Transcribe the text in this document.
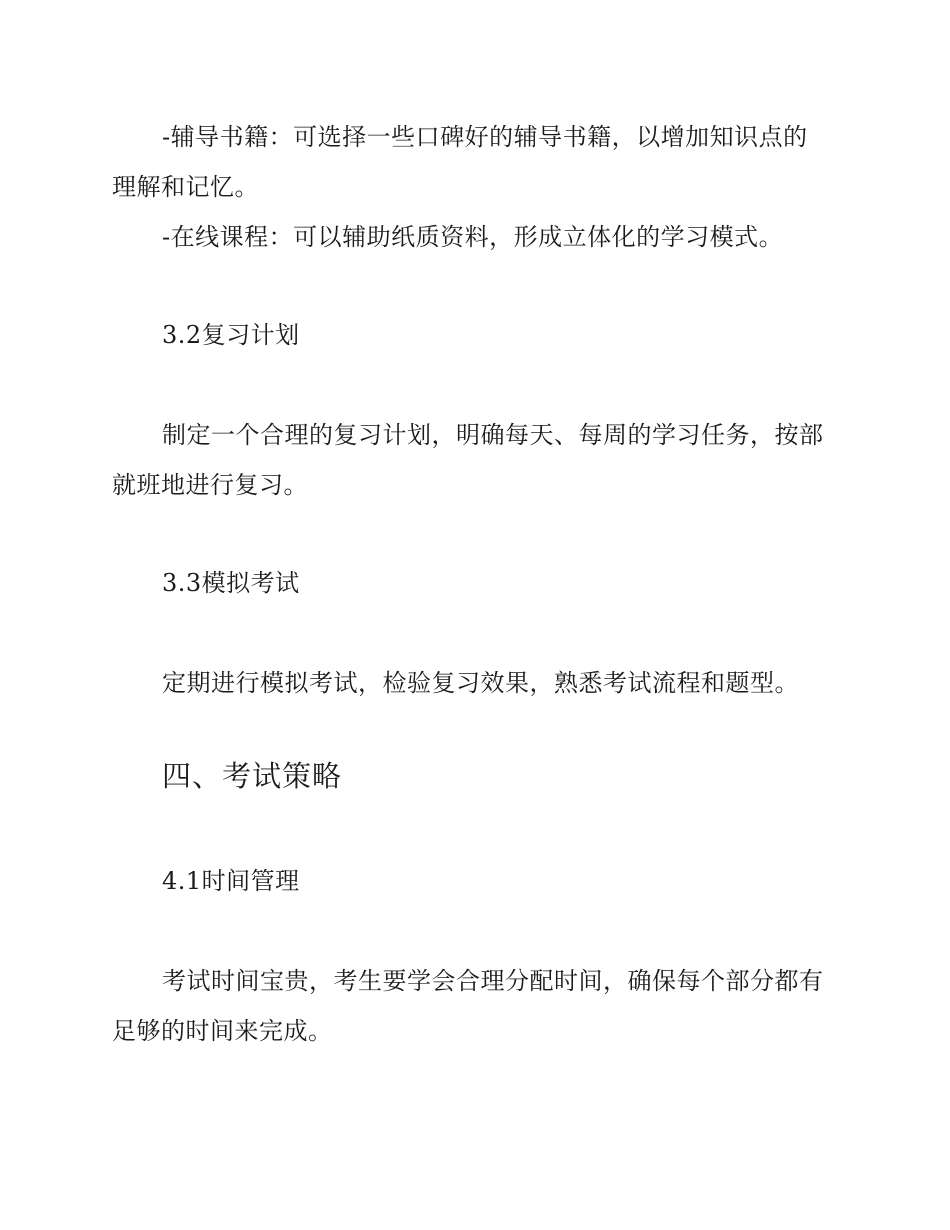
-辅导书籍：可选择一些口碑好的辅导书籍，以增加知识点的
理解和记忆。
-在线课程：可以辅助纸质资料，形成立体化的学习模式。
3.2复习计划
制定一个合理的复习计划，明确每天、每周的学习任务，按部
就班地进行复习。
3.3模拟考试
定期进行模拟考试，检验复习效果，熟悉考试流程和题型。
四、考试策略
4.1时间管理
考试时间宝贵，考生要学会合理分配时间，确保每个部分都有
足够的时间来完成。
